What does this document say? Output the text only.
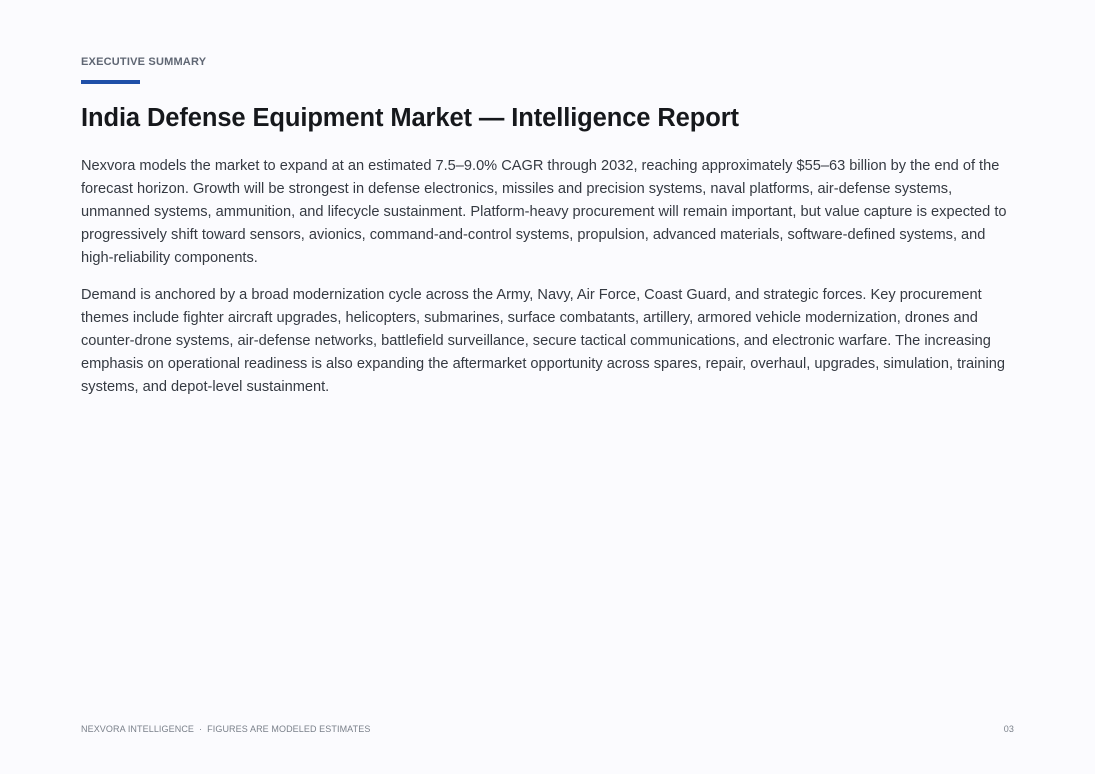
EXECUTIVE SUMMARY
India Defense Equipment Market — Intelligence Report

Nexvora models the market to expand at an estimated 7.5–9.0% CAGR through 2032, reaching approximately $55–63 billion by the end of the forecast horizon. Growth will be strongest in defense electronics, missiles and precision systems, naval platforms, air-defense systems, unmanned systems, ammunition, and lifecycle sustainment. Platform-heavy procurement will remain important, but value capture is expected to progressively shift toward sensors, avionics, command-and-control systems, propulsion, advanced materials, software-defined systems, and high-reliability components.

Demand is anchored by a broad modernization cycle across the Army, Navy, Air Force, Coast Guard, and strategic forces. Key procurement themes include fighter aircraft upgrades, helicopters, submarines, surface combatants, artillery, armored vehicle modernization, drones and counter-drone systems, air-defense networks, battlefield surveillance, secure tactical communications, and electronic warfare. The increasing emphasis on operational readiness is also expanding the aftermarket opportunity across spares, repair, overhaul, upgrades, simulation, training systems, and depot-level sustainment.

NEXVORA INTELLIGENCE · FIGURES ARE MODELED ESTIMATES	03
